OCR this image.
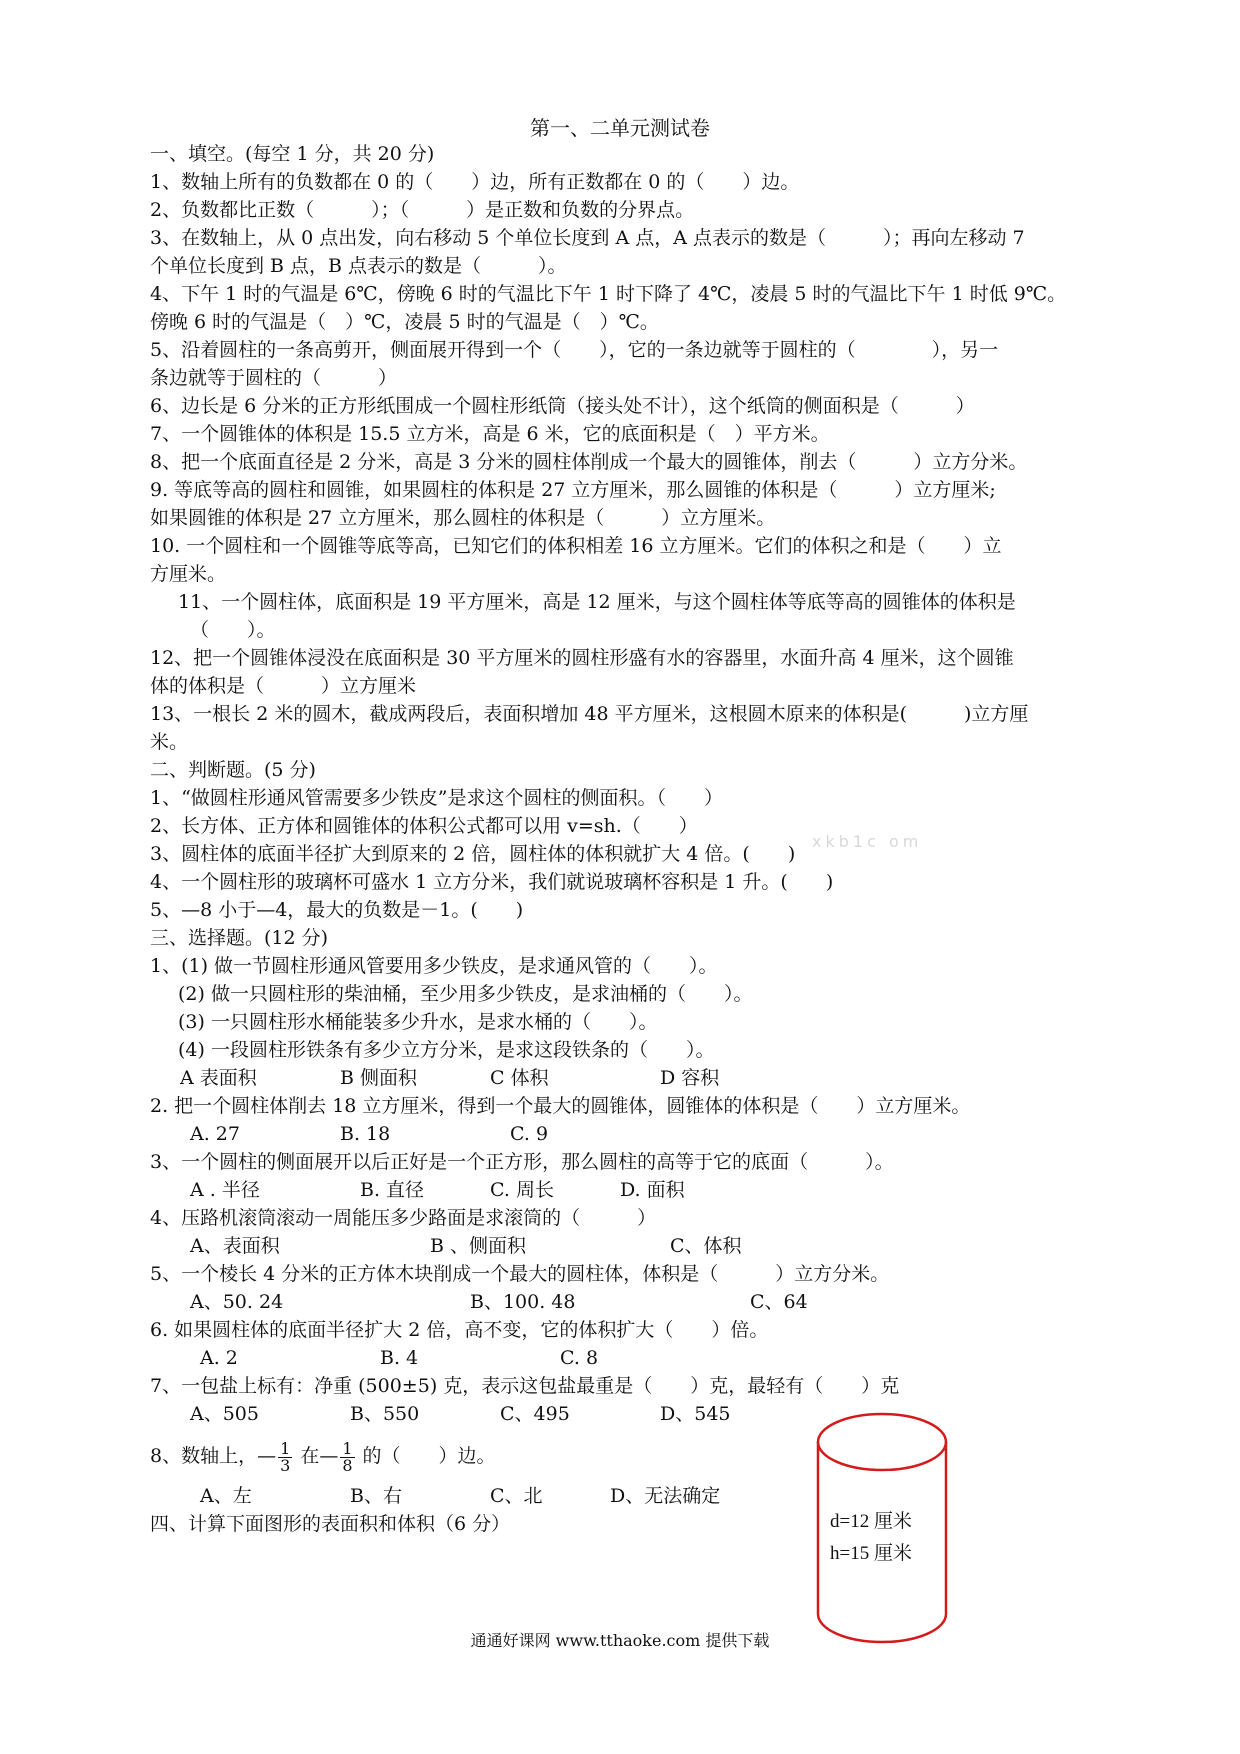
第一、二单元测试卷

一、填空。(每空 1 分，共 20 分)

1、数轴上所有的负数都在 0 的（　　）边，所有正数都在 0 的（　　）边。

2、负数都比正数（　　　）；（　　　）是正数和负数的分界点。

3、在数轴上，从 0 点出发，向右移动 5 个单位长度到 A 点，A 点表示的数是（　　　）；再向左移动 7

个单位长度到 B 点，B 点表示的数是（　　　）。

4、下午 1 时的气温是 6℃，傍晚 6 时的气温比下午 1 时下降了 4℃，凌晨 5 时的气温比下午 1 时低 9℃。

傍晚 6 时的气温是（　）℃，凌晨 5 时的气温是（　）℃。

5、沿着圆柱的一条高剪开，侧面展开得到一个（　　），它的一条边就等于圆柱的（　　　　），另一

条边就等于圆柱的（　　　）

6、边长是 6 分米的正方形纸围成一个圆柱形纸筒（接头处不计），这个纸筒的侧面积是（　　　）

7、一个圆锥体的体积是 15.5 立方米，高是 6 米，它的底面积是（　）平方米。

8、把一个底面直径是 2 分米，高是 3 分米的圆柱体削成一个最大的圆锥体，削去（　　　）立方分米。

9. 等底等高的圆柱和圆锥，如果圆柱的体积是 27 立方厘米，那么圆锥的体积是（　　　）立方厘米;

如果圆锥的体积是 27 立方厘米，那么圆柱的体积是（　　　）立方厘米。

10. 一个圆柱和一个圆锥等底等高，已知它们的体积相差 16 立方厘米。它们的体积之和是（　　）立

方厘米。

11、一个圆柱体，底面积是 19 平方厘米，高是 12 厘米，与这个圆柱体等底等高的圆锥体的体积是

（　　）。

12、把一个圆锥体浸没在底面积是 30 平方厘米的圆柱形盛有水的容器里，水面升高 4 厘米，这个圆锥

体的体积是（　　　）立方厘米

13、一根长 2 米的圆木，截成两段后，表面积增加 48 平方厘米，这根圆木原来的体积是(　　　)立方厘

米。

二、判断题。(5 分)

1、“做圆柱形通风管需要多少铁皮”是求这个圆柱的侧面积。（　　）

2、长方体、正方体和圆锥体的体积公式都可以用 v=sh.（　　）

3、圆柱体的底面半径扩大到原来的 2 倍，圆柱体的体积就扩大 4 倍。(　　)

4、一个圆柱形的玻璃杯可盛水 1 立方分米，我们就说玻璃杯容积是 1 升。(　　)

5、—8 小于—4，最大的负数是－1。(　　)

三、选择题。(12 分)

1、(1) 做一节圆柱形通风管要用多少铁皮，是求通风管的（　　）。

(2) 做一只圆柱形的柴油桶，至少用多少铁皮，是求油桶的（　　）。

(3) 一只圆柱形水桶能装多少升水，是求水桶的（　　）。

(4) 一段圆柱形铁条有多少立方分米，是求这段铁条的（　　）。

A 表面积	B 侧面积	C 体积	D 容积

2. 把一个圆柱体削去 18 立方厘米，得到一个最大的圆锥体，圆锥体的体积是（　　）立方厘米。

A. 27	B. 18	C. 9

3、一个圆柱的侧面展开以后正好是一个正方形，那么圆柱的高等于它的底面（　　　）。

A . 半径	B. 直径	C. 周长	D. 面积

4、压路机滚筒滚动一周能压多少路面是求滚筒的（　　　）

A、表面积	B 、侧面积	C、体积

5、一个棱长 4 分米的正方体木块削成一个最大的圆柱体，体积是（　　　）立方分米。

A、50. 24	B、100. 48	C、64

6. 如果圆柱体的底面半径扩大 2 倍，高不变，它的体积扩大（　　）倍。

A. 2	B. 4	C. 8

7、一包盐上标有：净重 (500±5) 克，表示这包盐最重是（　　）克，最轻有（　　）克

A、505	B、550	C、495	D、545

8、数轴上，— $\frac{1}{3}$ 在— $\frac{1}{8}$ 的（　　）边。

A、左	B、右	C、北	D、无法确定

四、计算下面图形的表面积和体积（6 分）

xkb1c om
d=12 厘米
h=15 厘米
通通好课网 www.tthaoke.com 提供下载
